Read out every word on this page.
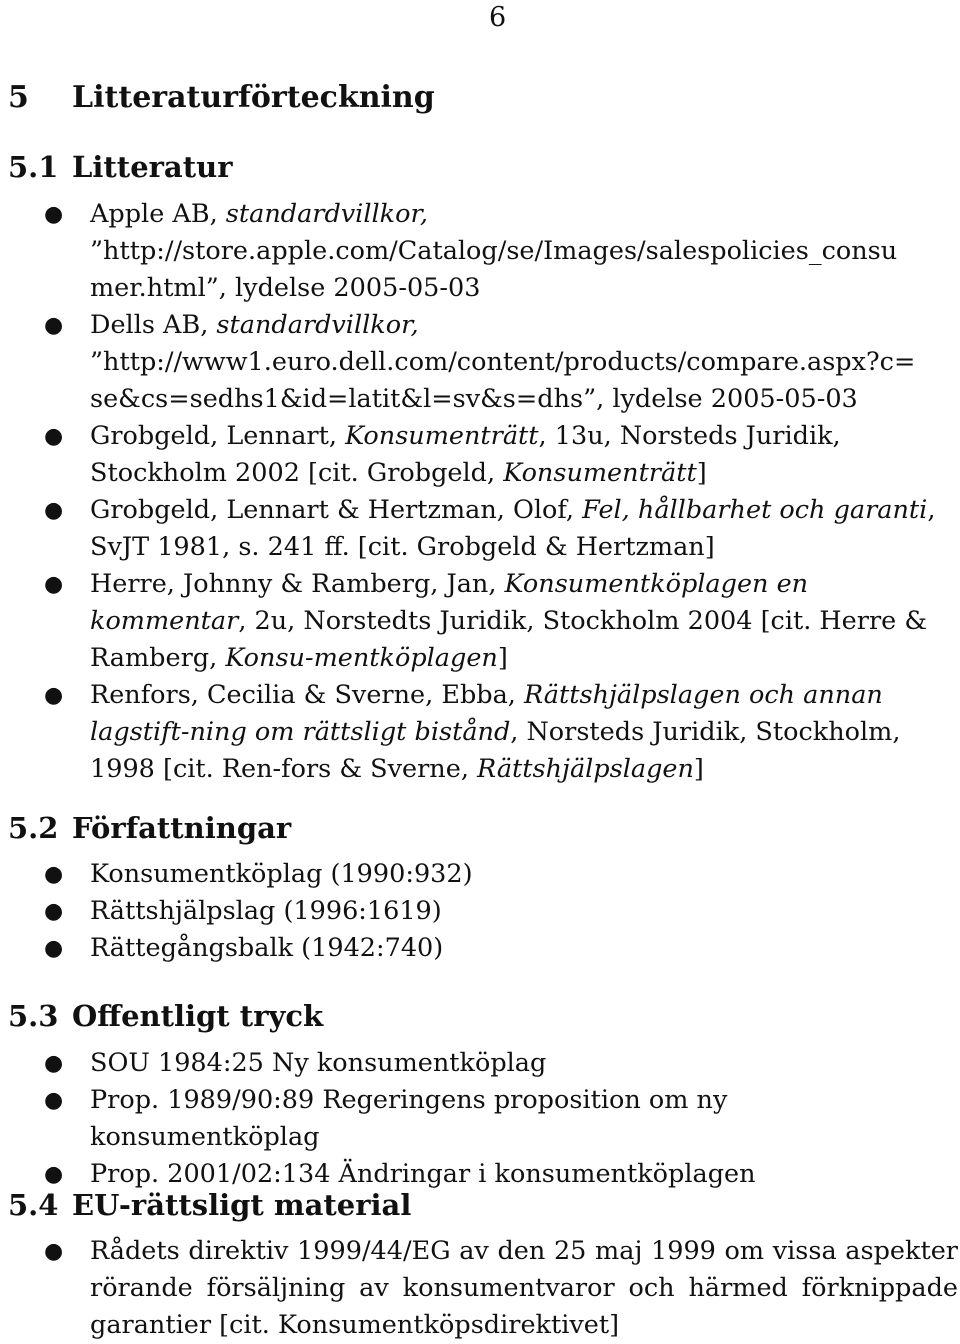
6
5 Litteraturförteckning
5.1 Litteratur
● Apple AB, standardvillkor,
”http://store.apple.com/Catalog/se/Images/salespolicies_consu
mer.html”, lydelse 2005-05-03
● Dells AB, standardvillkor,
”http://www1.euro.dell.com/content/products/compare.aspx?c=
se&cs=sedhs1&id=latit&l=sv&s=dhs”, lydelse 2005-05-03
● Grobgeld, Lennart, Konsumenträtt, 13u, Norsteds Juridik, Stockholm 2002 [cit. Grobgeld, Konsumenträtt]
● Grobgeld, Lennart & Hertzman, Olof, Fel, hållbarhet och garanti, SvJT 1981, s. 241 ff. [cit. Grobgeld & Hertzman]
● Herre, Johnny & Ramberg, Jan, Konsumentköplagen en kommentar, 2u, Norstedts Juridik, Stockholm 2004 [cit. Herre & Ramberg, Konsu-mentköplagen]
● Renfors, Cecilia & Sverne, Ebba, Rättshjälpslagen och annan lagstift-ning om rättsligt bistånd, Norsteds Juridik, Stockholm, 1998 [cit. Ren-fors & Sverne, Rättshjälpslagen]
5.2 Författningar
● Konsumentköplag (1990:932)
● Rättshjälpslag (1996:1619)
● Rättegångsbalk (1942:740)
5.3 Offentligt tryck
● SOU 1984:25 Ny konsumentköplag
● Prop. 1989/90:89 Regeringens proposition om ny konsumentköplag
● Prop. 2001/02:134 Ändringar i konsumentköplagen
5.4 EU-rättsligt material
● Rådets direktiv 1999/44/EG av den 25 maj 1999 om vissa aspekter rörande försäljning av konsumentvaror och härmed förknippade garantier [cit. Konsumentköpsdirektivet]
